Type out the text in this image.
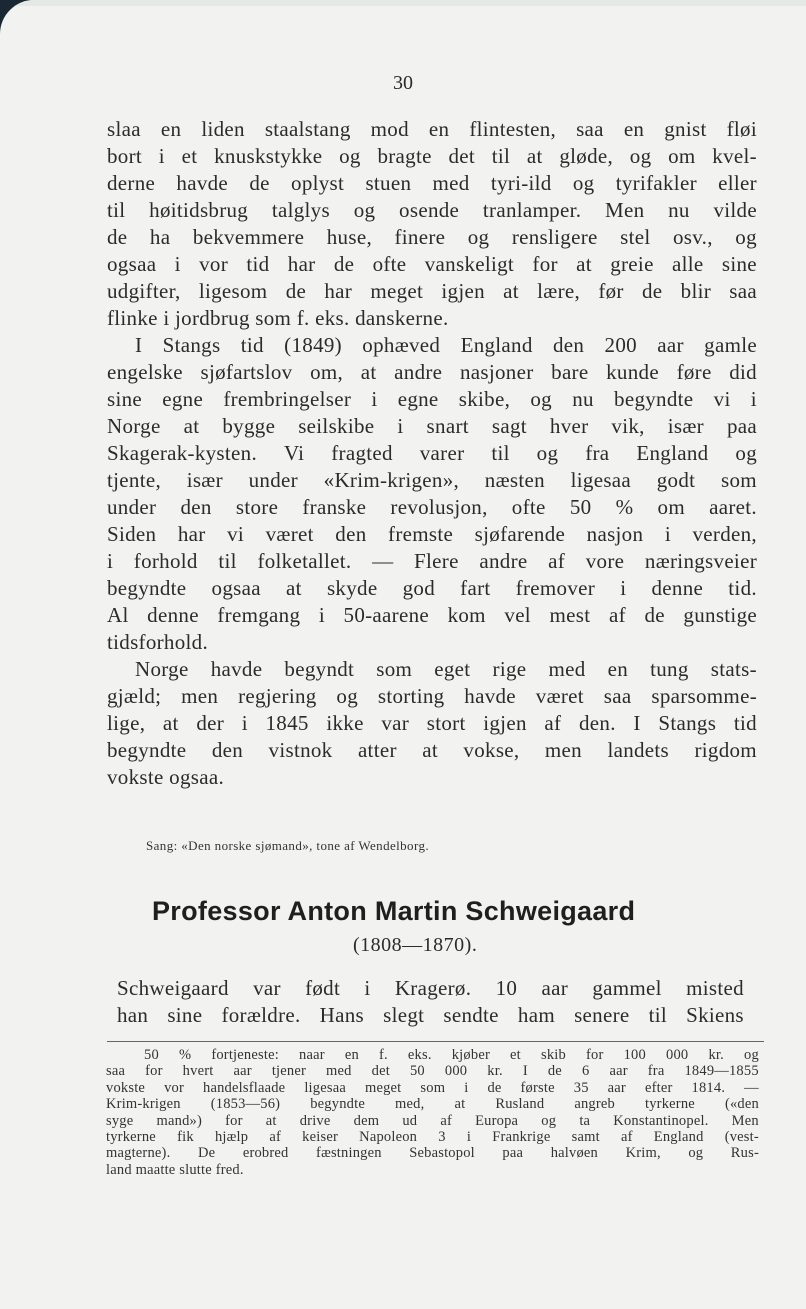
30
slaa en liden staalstang mod en flintesten, saa en gnist fløi
bort i et knuskstykke og bragte det til at gløde, og om kvel-
derne havde de oplyst stuen med tyri-ild og tyrifakler eller
til høitidsbrug talglys og osende tranlamper. Men nu vilde
de ha bekvemmere huse, finere og rensligere stel osv., og
ogsaa i vor tid har de ofte vanskeligt for at greie alle sine
udgifter, ligesom de har meget igjen at lære, før de blir saa
flinke i jordbrug som f. eks. danskerne.
I Stangs tid (1849) ophæved England den 200 aar gamle
engelske sjøfartslov om, at andre nasjoner bare kunde føre did
sine egne frembringelser i egne skibe, og nu begyndte vi i
Norge at bygge seilskibe i snart sagt hver vik, især paa
Skagerak-kysten. Vi fragted varer til og fra England og
tjente, især under «Krim-krigen», næsten ligesaa godt som
under den store franske revolusjon, ofte 50 % om aaret.
Siden har vi været den fremste sjøfarende nasjon i verden,
i forhold til folketallet. — Flere andre af vore næringsveier
begyndte ogsaa at skyde god fart fremover i denne tid.
Al denne fremgang i 50-aarene kom vel mest af de gunstige
tidsforhold.
Norge havde begyndt som eget rige med en tung stats-
gjæld; men regjering og storting havde været saa sparsomme-
lige, at der i 1845 ikke var stort igjen af den. I Stangs tid
begyndte den vistnok atter at vokse, men landets rigdom
vokste ogsaa.
Sang: «Den norske sjømand», tone af Wendelborg.
Professor Anton Martin Schweigaard
(1808—1870).
Schweigaard var født i Kragerø. 10 aar gammel misted
han sine forældre. Hans slegt sendte ham senere til Skiens
50 % fortjeneste: naar en f. eks. kjøber et skib for 100 000 kr. og
saa for hvert aar tjener med det 50 000 kr. I de 6 aar fra 1849—1855
vokste vor handelsflaade ligesaa meget som i de første 35 aar efter 1814. —
Krim-krigen (1853—56) begyndte med, at Rusland angreb tyrkerne («den
syge mand») for at drive dem ud af Europa og ta Konstantinopel. Men
tyrkerne fik hjælp af keiser Napoleon 3 i Frankrige samt af England (vest-
magterne). De erobred fæstningen Sebastopol paa halvøen Krim, og Rus-
land maatte slutte fred.
